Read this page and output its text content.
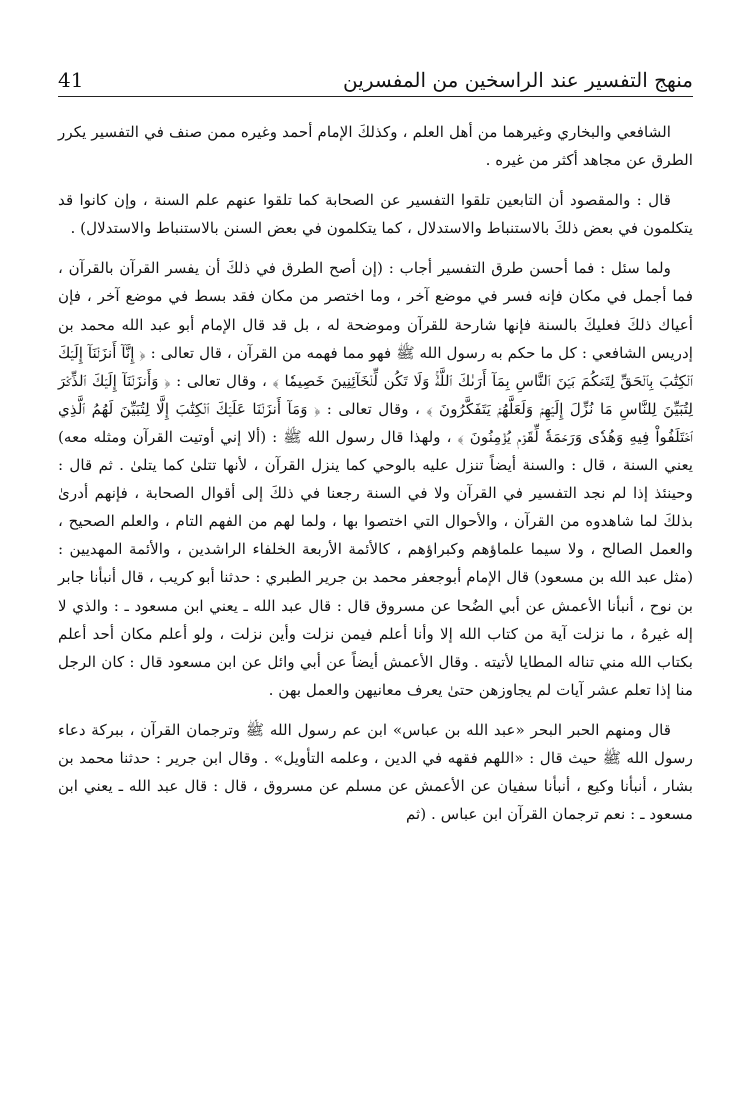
41	منهج التفسير عند الراسخين من المفسرين

الشافعي والبخاري وغيرهما من أهل العلم ، وكذلكَ الإمام أحمد وغيره ممن صنف في التفسير يكرر الطرق عن مجاهد أكثر من غيره .

قال : والمقصود أن التابعين تلقوا التفسير عن الصحابة كما تلقوا عنهم علم السنة ، وإن كانوا قد يتكلمون في بعض ذلكَ بالاستنباط والاستدلال ، كما يتكلمون في بعض السنن بالاستنباط والاستدلال) .

ولما سئل : فما أحسن طرق التفسير أجاب : (إن أصح الطرق في ذلكَ أن يفسر القرآن بالقرآن ، فما أجمل في مكان فإنه فسر في موضع آخر ، وما اختصر من مكان فقد بسط في موضع آخر ، فإن أعياك ذلكَ فعليكَ بالسنة فإنها شارحة للقرآن وموضحة له ، بل قد قال الإمام أبو عبد الله محمد بن إدريس الشافعي : كل ما حكم به رسول الله ﷺ فهو مما فهمه من القرآن ، قال تعالى : ﴿ إِنَّآ أَنزَلۡنَآ إِلَيۡكَ ٱلۡكِتَٰبَ بِٱلۡحَقِّ لِتَحۡكُمَ بَيۡنَ ٱلنَّاسِ بِمَآ أَرَىٰكَ ٱللَّهُۚ وَلَا تَكُن لِّلۡخَآئِنِينَ خَصِيمٗا ﴾ ، وقال تعالى : ﴿ وَأَنزَلۡنَآ إِلَيۡكَ ٱلذِّكۡرَ لِتُبَيِّنَ لِلنَّاسِ مَا نُزِّلَ إِلَيۡهِمۡ وَلَعَلَّهُمۡ يَتَفَكَّرُونَ ﴾ ، وقال تعالى : ﴿ وَمَآ أَنزَلۡنَا عَلَيۡكَ ٱلۡكِتَٰبَ إِلَّا لِتُبَيِّنَ لَهُمُ ٱلَّذِي ٱخۡتَلَفُواْ فِيهِ وَهُدٗى وَرَحۡمَةٗ لِّقَوۡمٖ يُؤۡمِنُونَ ﴾ ، ولهذا قال رسول الله ﷺ : (ألا إني أوتيت القرآن ومثله معه) يعني السنة ، قال : والسنة أيضاً تنزل عليه بالوحي كما ينزل القرآن ، لأنها تتلىٰ كما يتلىٰ . ثم قال : وحينئذ إذا لم نجد التفسير في القرآن ولا في السنة رجعنا في ذلكَ إلى أقوال الصحابة ، فإنهم أدرىٰ بذلكَ لما شاهدوه من القرآن ، والأحوال التي اختصوا بها ، ولما لهم من الفهم التام ، والعلم الصحيح ، والعمل الصالح ، ولا سيما علماؤهم وكبراؤهم ، كالأئمة الأربعة الخلفاء الراشدين ، والأئمة المهديين : (مثل عبد الله بن مسعود) قال الإمام أبوجعفر محمد بن جرير الطبري : حدثنا أبو كريب ، قال أنبأنا جابر بن نوح ، أنبأنا الأعمش عن أبي الضُحا عن مسروق قال : قال عبد الله ـ يعني ابن مسعود ـ : والذي لا إله غيرهُ ، ما نزلت آية من كتاب الله إلا وأنا أعلم فيمن نزلت وأين نزلت ، ولو أعلم مكان أحد أعلم بكتاب الله مني تناله المطايا لأتيته . وقال الأعمش أيضاً عن أبي وائل عن ابن مسعود قال : كان الرجل منا إذا تعلم عشر آيات لم يجاوزهن حتىٰ يعرف معانيهن والعمل بهن .

قال ومنهم الحبر البحر «عبد الله بن عباس» ابن عم رسول الله ﷺ وترجمان القرآن ، ببركة دعاء رسول الله ﷺ حيث قال : «اللهم فقهه في الدين ، وعلمه التأويل» . وقال ابن جرير : حدثنا محمد بن بشار ، أنبأنا وكيع ، أنبأنا سفيان عن الأعمش عن مسلم عن مسروق ، قال : قال عبد الله ـ يعني ابن مسعود ـ : نعم ترجمان القرآن ابن عباس . (ثم
